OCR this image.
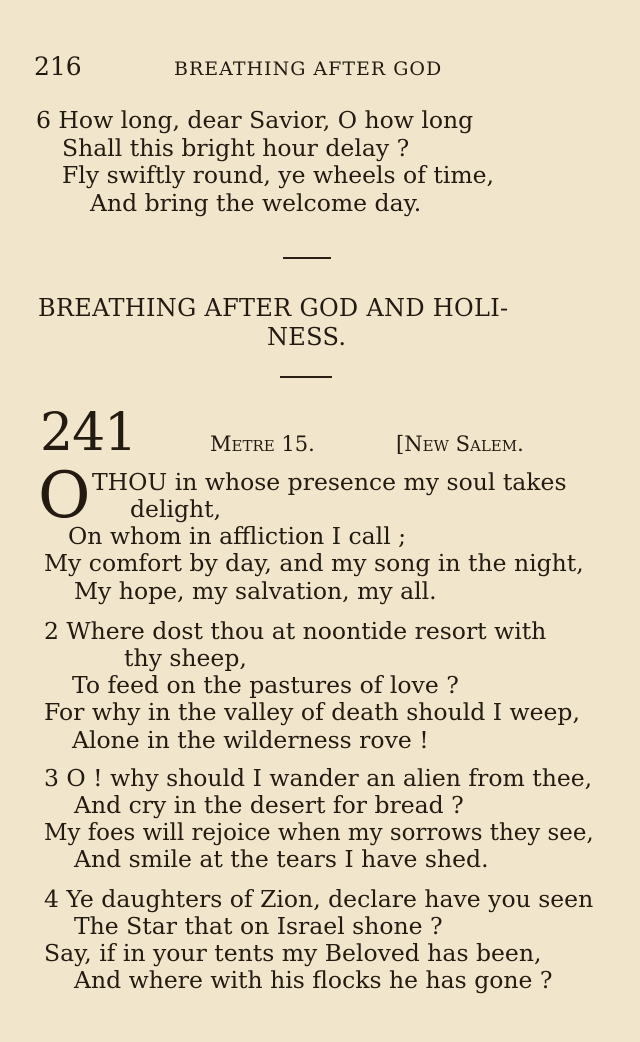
216	BREATHING AFTER GOD
6 How long, dear Savior, O how long
Shall this bright hour delay ?
Fly swiftly round, ye wheels of time,
And bring the welcome day.
BREATHING AFTER GOD AND HOLI-
NESS.
241	Metre 15.	[New Salem.
O THOU in whose presence my soul takes
delight,
On whom in affliction I call ;
My comfort by day, and my song in the night,
My hope, my salvation, my all.
2 Where dost thou at noontide resort with
thy sheep,
To feed on the pastures of love ?
For why in the valley of death should I weep,
Alone in the wilderness rove !
3 O ! why should I wander an alien from thee,
And cry in the desert for bread ?
My foes will rejoice when my sorrows they see,
And smile at the tears I have shed.
4 Ye daughters of Zion, declare have you seen
The Star that on Israel shone ?
Say, if in your tents my Beloved has been,
And where with his flocks he has gone ?
